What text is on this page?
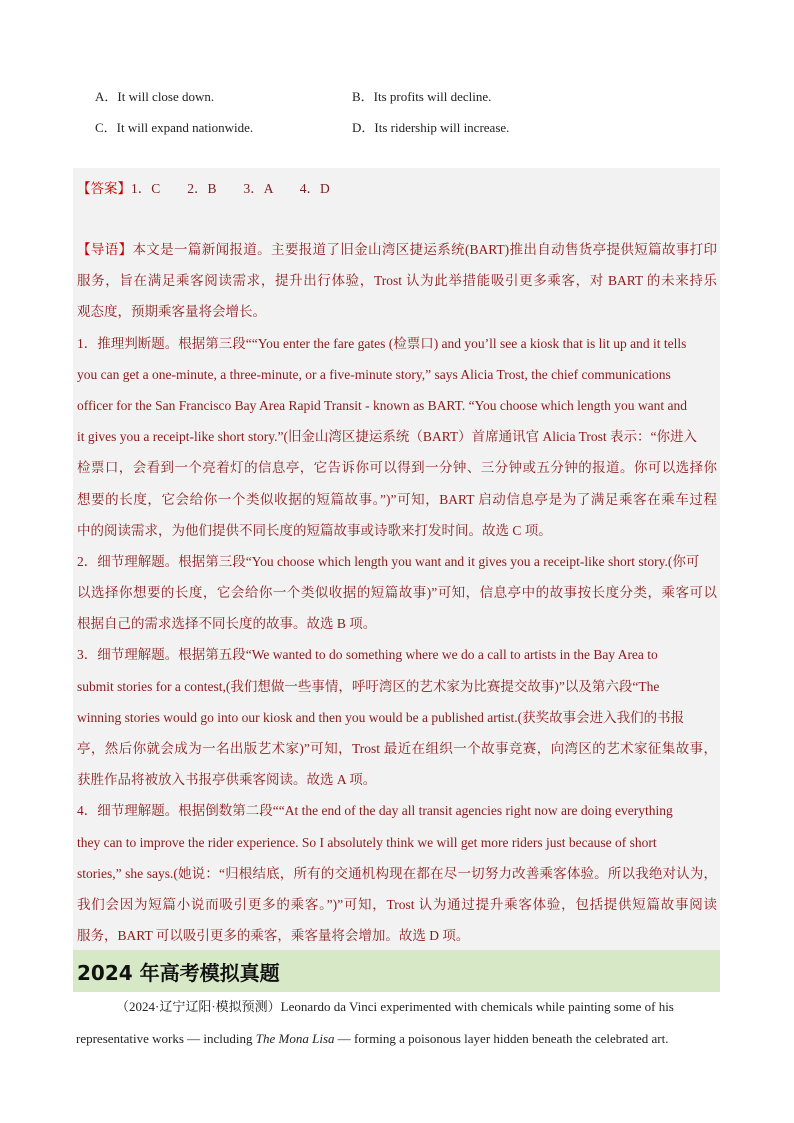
A．It will close down.	B．Its profits will decline.
C．It will expand nationwide.	D．Its ridership will increase.
【答案】1．C　　2．B　　3．A　　4．D
【导语】本文是一篇新闻报道。主要报道了旧金山湾区捷运系统(BART)推出自动售货亭提供短篇故事打印
服务，旨在满足乘客阅读需求，提升出行体验，Trost 认为此举措能吸引更多乘客，对 BART 的未来持乐
观态度，预期乘客量将会增长。
1．推理判断题。根据第三段““You enter the fare gates (检票口) and you’ll see a kiosk that is lit up and it tells
you can get a one-minute, a three-minute, or a five-minute story,” says Alicia Trost, the chief communications
officer for the San Francisco Bay Area Rapid Transit - known as BART. “You choose which length you want and
it gives you a receipt-like short story.”(旧金山湾区捷运系统（BART）首席通讯官 Alicia Trost 表示：“你进入
检票口，会看到一个亮着灯的信息亭，它告诉你可以得到一分钟、三分钟或五分钟的报道。你可以选择你
想要的长度，它会给你一个类似收据的短篇故事。”)”可知，BART 启动信息亭是为了满足乘客在乘车过程
中的阅读需求，为他们提供不同长度的短篇故事或诗歌来打发时间。故选 C 项。
2．细节理解题。根据第三段“You choose which length you want and it gives you a receipt-like short story.(你可
以选择你想要的长度，它会给你一个类似收据的短篇故事)”可知，信息亭中的故事按长度分类，乘客可以
根据自己的需求选择不同长度的故事。故选 B 项。
3．细节理解题。根据第五段“We wanted to do something where we do a call to artists in the Bay Area to
submit stories for a contest,(我们想做一些事情，呼吁湾区的艺术家为比赛提交故事)”以及第六段“The
winning stories would go into our kiosk and then you would be a published artist.(获奖故事会进入我们的书报
亭，然后你就会成为一名出版艺术家)”可知，Trost 最近在组织一个故事竞赛，向湾区的艺术家征集故事，
获胜作品将被放入书报亭供乘客阅读。故选 A 项。
4．细节理解题。根据倒数第二段““At the end of the day all transit agencies right now are doing everything
they can to improve the rider experience. So I absolutely think we will get more riders just because of short
stories,” she says.(她说：“归根结底，所有的交通机构现在都在尽一切努力改善乘客体验。所以我绝对认为，
我们会因为短篇小说而吸引更多的乘客。”)”可知，Trost 认为通过提升乘客体验，包括提供短篇故事阅读
服务，BART 可以吸引更多的乘客，乘客量将会增加。故选 D 项。
2024 年高考模拟真题
（2024·辽宁辽阳·模拟预测）Leonardo da Vinci experimented with chemicals while painting some of his
representative works — including The Mona Lisa — forming a poisonous layer hidden beneath the celebrated art.
